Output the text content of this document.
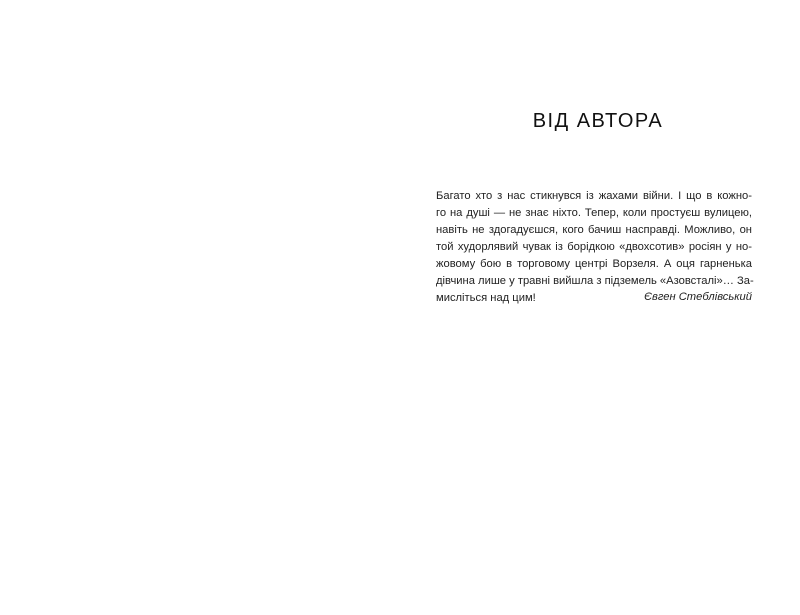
ВІД АВТОРА

Багато хто з нас стикнувся із жахами війни. І що в кожно-
го на душі — не знає ніхто. Тепер, коли простуєш вулицею,
навіть не здогадуєшся, кого бачиш насправді. Можливо, он
той худорлявий чувак із борідкою «двохсотив» росіян у но-
жовому бою в торговому центрі Ворзеля. А оця гарненька
дівчина лише у травні вийшла з підземель «Азовсталі»… За-
мисліться над цим!	Євген Стеблівський
